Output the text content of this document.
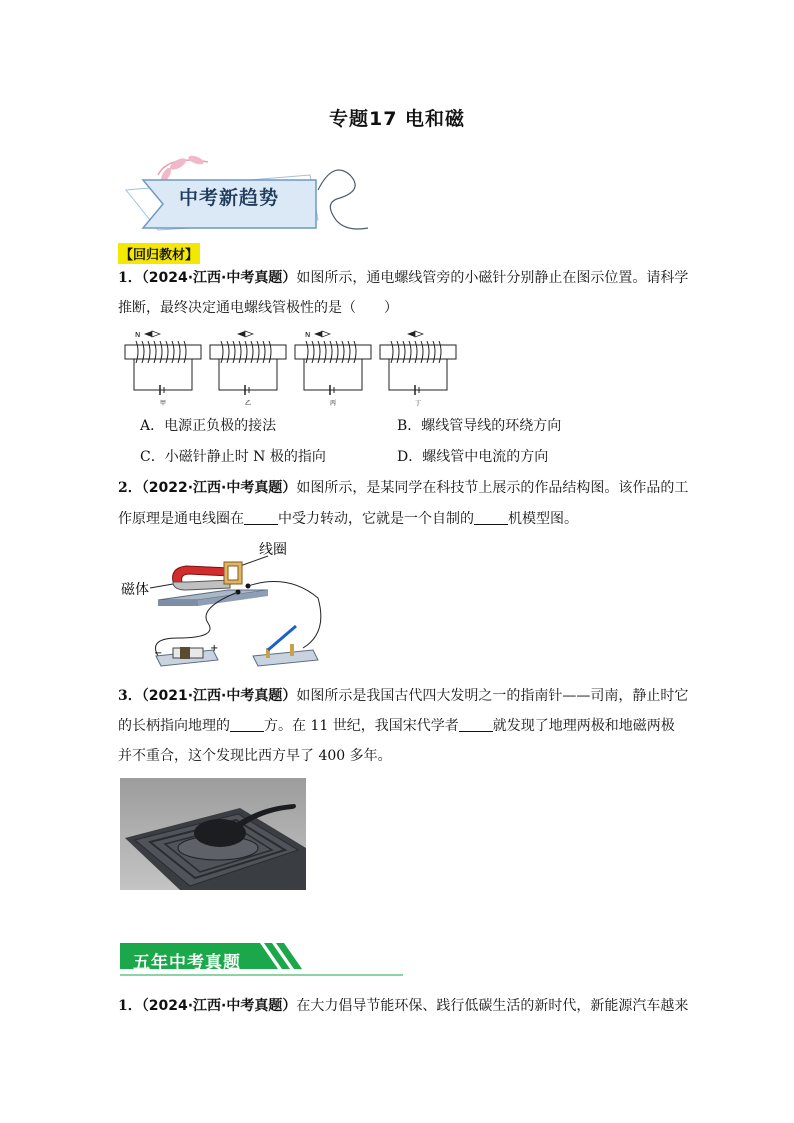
专题17 电和磁
中考新趋势
【回归教材】
1．（2024·江西·中考真题）如图所示，通电螺线管旁的小磁针分别静止在图示位置。请科学
推断，最终决定通电螺线管极性的是（　　）
N
甲	乙
N
丙	丁
A．电源正负极的接法	B．螺线管导线的环绕方向
C．小磁针静止时 N 极的指向	D．螺线管中电流的方向
2．（2022·江西·中考真题）如图所示，是某同学在科技节上展示的作品结构图。该作品的工
作原理是通电线圈在 中受力转动，它就是一个自制的 机模型图。
线圈
磁体
−	+
3．（2021·江西·中考真题）如图所示是我国古代四大发明之一的指南针——司南，静止时它
的长柄指向地理的 方。在 11 世纪，我国宋代学者 就发现了地理两极和地磁两极
并不重合，这个发现比西方早了 400 多年。
五年中考真题
1．（2024·江西·中考真题）在大力倡导节能环保、践行低碳生活的新时代，新能源汽车越来
